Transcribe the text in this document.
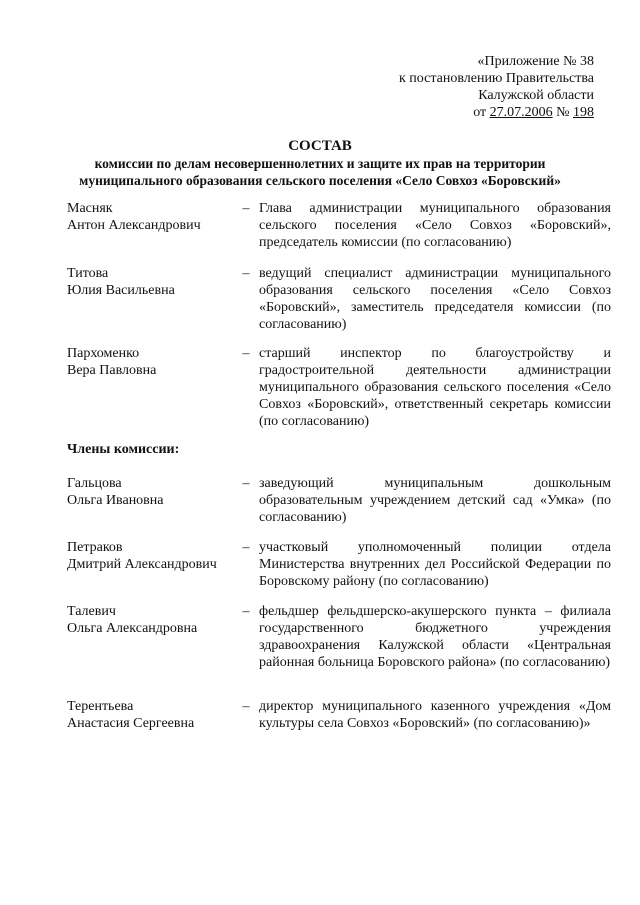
«Приложение № 38
к постановлению Правительства
Калужской области
от 27.07.2006 № 198
СОСТАВ
комиссии по делам несовершеннолетних и защите их прав на территории
муниципального образования сельского поселения «Село Совхоз «Боровский»
Масняк
Антон Александрович
– Глава администрации муниципального образования сельского поселения «Село Совхоз «Боровский», председатель комиссии (по согласованию)
Титова
Юлия Васильевна
– ведущий специалист администрации муниципального образования сельского поселения «Село Совхоз «Боровский», заместитель председателя комиссии (по согласованию)
Пархоменко
Вера Павловна
– старший инспектор по благоустройству и градостроительной деятельности администрации муниципального образования сельского поселения «Село Совхоз «Боровский», ответственный секретарь комиссии (по согласованию)
Члены комиссии:
Гальцова
Ольга Ивановна
– заведующий муниципальным дошкольным образовательным учреждением детский сад «Умка» (по согласованию)
Петраков
Дмитрий Александрович
– участковый уполномоченный полиции отдела Министерства внутренних дел Российской Федерации по Боровскому району (по согласованию)
Талевич
Ольга Александровна
– фельдшер фельдшерско-акушерского пункта – филиала государственного бюджетного учреждения здравоохранения Калужской области «Центральная районная больница Боровского района» (по согласованию)
Терентьева
Анастасия Сергеевна
– директор муниципального казенного учреждения «Дом культуры села Совхоз «Боровский» (по согласованию)»
